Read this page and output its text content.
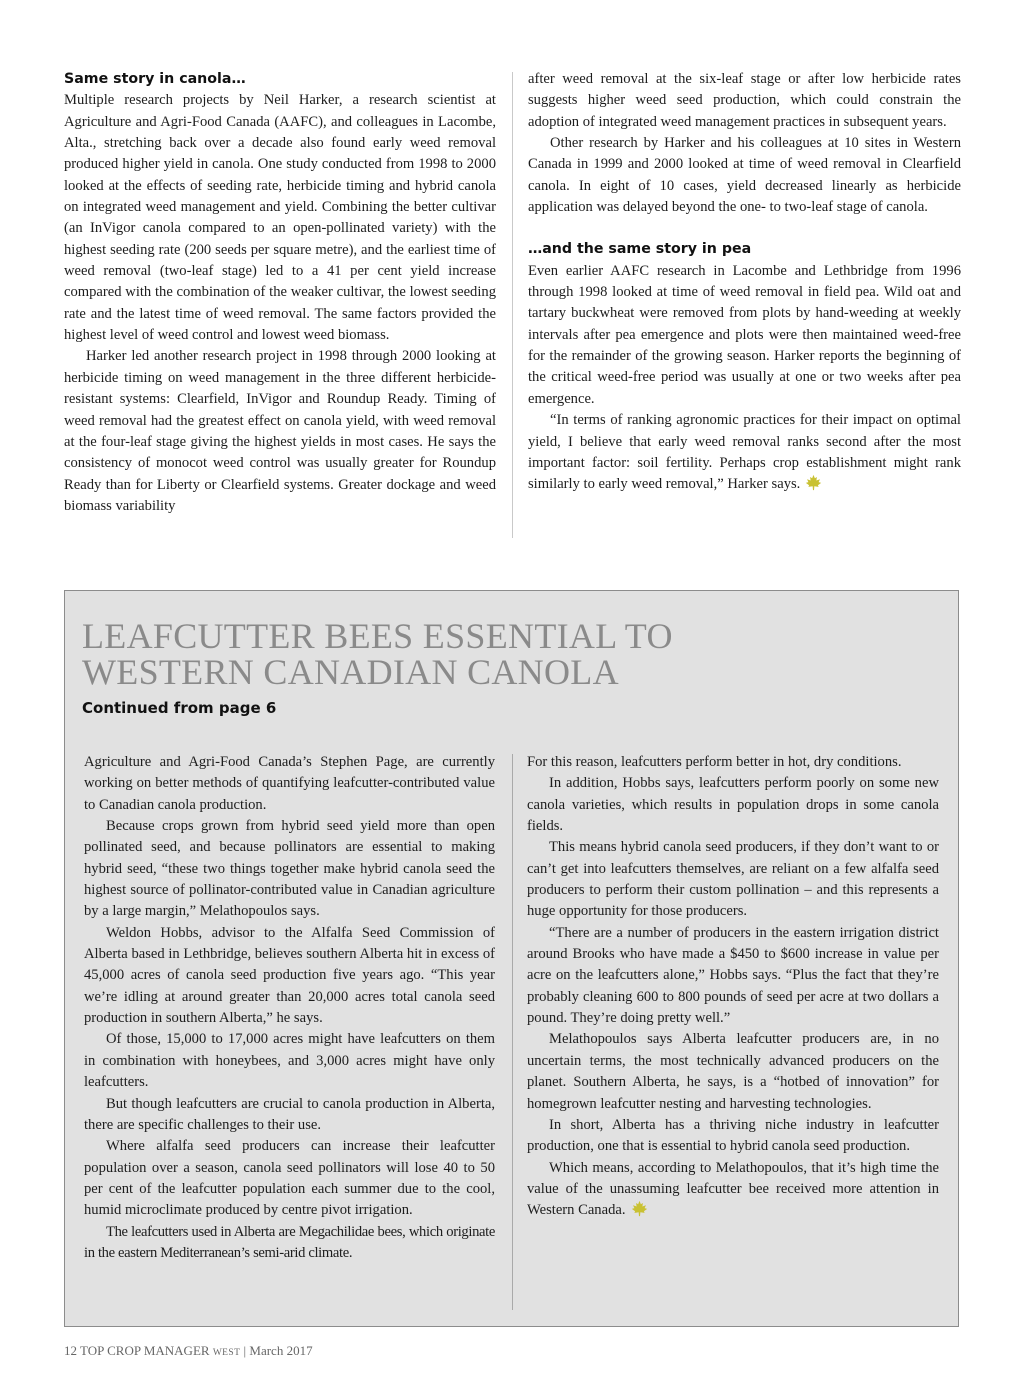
Same story in canola…

Multiple research projects by Neil Harker, a research scientist at Agriculture and Agri-Food Canada (AAFC), and colleagues in Lacombe, Alta., stretching back over a decade also found early weed removal produced higher yield in canola. One study conducted from 1998 to 2000 looked at the effects of seeding rate, herbicide timing and hybrid canola on integrated weed management and yield. Combining the better cultivar (an InVigor canola compared to an open-pollinated variety) with the highest seeding rate (200 seeds per square metre), and the earliest time of weed removal (two-leaf stage) led to a 41 per cent yield increase compared with the combination of the weaker cultivar, the lowest seeding rate and the latest time of weed removal. The same factors provided the highest level of weed control and lowest weed biomass.

Harker led another research project in 1998 through 2000 looking at herbicide timing on weed management in the three different herbicide-resistant systems: Clearfield, InVigor and Roundup Ready. Timing of weed removal had the greatest effect on canola yield, with weed removal at the four-leaf stage giving the highest yields in most cases. He says the consistency of monocot weed control was usually greater for Roundup Ready than for Liberty or Clearfield systems. Greater dockage and weed biomass variability

after weed removal at the six-leaf stage or after low herbicide rates suggests higher weed seed production, which could constrain the adoption of integrated weed management practices in subsequent years.

Other research by Harker and his colleagues at 10 sites in Western Canada in 1999 and 2000 looked at time of weed removal in Clearfield canola. In eight of 10 cases, yield decreased linearly as herbicide application was delayed beyond the one- to two-leaf stage of canola.

…and the same story in pea

Even earlier AAFC research in Lacombe and Lethbridge from 1996 through 1998 looked at time of weed removal in field pea. Wild oat and tartary buckwheat were removed from plots by hand-weeding at weekly intervals after pea emergence and plots were then maintained weed-free for the remainder of the growing season. Harker reports the beginning of the critical weed-free period was usually at one or two weeks after pea emergence.

“In terms of ranking agronomic practices for their impact on optimal yield, I believe that early weed removal ranks second after the most important factor: soil fertility. Perhaps crop establishment might rank similarly to early weed removal,” Harker says.

LEAFCUTTER BEES ESSENTIAL TO
WESTERN CANADIAN CANOLA
Continued from page 6

Agriculture and Agri-Food Canada’s Stephen Page, are currently working on better methods of quantifying leafcutter-contributed value to Canadian canola production.

Because crops grown from hybrid seed yield more than open pollinated seed, and because pollinators are essential to making hybrid seed, “these two things together make hybrid canola seed the highest source of pollinator-contributed value in Canadian agriculture by a large margin,” Melathopoulos says.

Weldon Hobbs, advisor to the Alfalfa Seed Commission of Alberta based in Lethbridge, believes southern Alberta hit in excess of 45,000 acres of canola seed production five years ago. “This year we’re idling at around greater than 20,000 acres total canola seed production in southern Alberta,” he says.

Of those, 15,000 to 17,000 acres might have leafcutters on them in combination with honeybees, and 3,000 acres might have only leafcutters.

But though leafcutters are crucial to canola production in Alberta, there are specific challenges to their use.

Where alfalfa seed producers can increase their leafcutter population over a season, canola seed pollinators will lose 40 to 50 per cent of the leafcutter population each summer due to the cool, humid microclimate produced by centre pivot irrigation.

The leafcutters used in Alberta are Megachilidae bees, which originate in the eastern Mediterranean’s semi-arid climate.

For this reason, leafcutters perform better in hot, dry conditions.

In addition, Hobbs says, leafcutters perform poorly on some new canola varieties, which results in population drops in some canola fields.

This means hybrid canola seed producers, if they don’t want to or can’t get into leafcutters themselves, are reliant on a few alfalfa seed producers to perform their custom pollination – and this represents a huge opportunity for those producers.

“There are a number of producers in the eastern irrigation district around Brooks who have made a $450 to $600 increase in value per acre on the leafcutters alone,” Hobbs says. “Plus the fact that they’re probably cleaning 600 to 800 pounds of seed per acre at two dollars a pound. They’re doing pretty well.”

Melathopoulos says Alberta leafcutter producers are, in no uncertain terms, the most technically advanced producers on the planet. Southern Alberta, he says, is a “hotbed of innovation” for homegrown leafcutter nesting and harvesting technologies.

In short, Alberta has a thriving niche industry in leafcutter production, one that is essential to hybrid canola seed production.

Which means, according to Melathopoulos, that it’s high time the value of the unassuming leafcutter bee received more attention in Western Canada.

12 TOP CROP MANAGER WEST | March 2017
